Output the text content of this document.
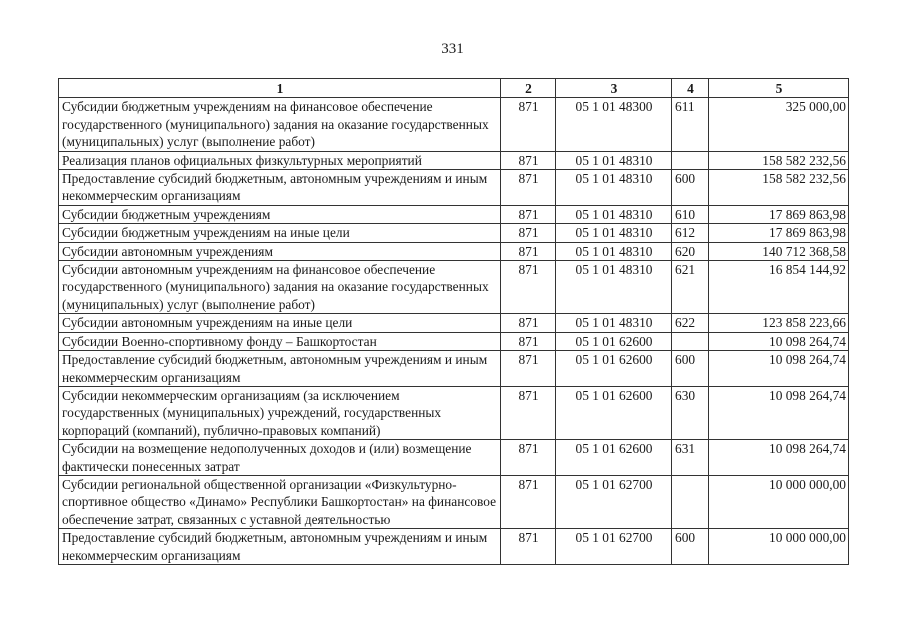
331
1	2	3	4	5
Субсидии бюджетным учреждениям на финансовое обеспечение государственного (муниципального) задания на оказание государственных (муниципальных) услуг (выполнение работ)	871	05 1 01 48300	611	325 000,00
Реализация планов официальных физкультурных мероприятий	871	05 1 01 48310		158 582 232,56
Предоставление субсидий бюджетным, автономным учреждениям и иным некоммерческим организациям	871	05 1 01 48310	600	158 582 232,56
Субсидии бюджетным учреждениям	871	05 1 01 48310	610	17 869 863,98
Субсидии бюджетным учреждениям на иные цели	871	05 1 01 48310	612	17 869 863,98
Субсидии автономным учреждениям	871	05 1 01 48310	620	140 712 368,58
Субсидии автономным учреждениям на финансовое обеспечение государственного (муниципального) задания на оказание государственных (муниципальных) услуг (выполнение работ)	871	05 1 01 48310	621	16 854 144,92
Субсидии автономным учреждениям на иные цели	871	05 1 01 48310	622	123 858 223,66
Субсидии Военно-спортивному фонду – Башкортостан	871	05 1 01 62600		10 098 264,74
Предоставление субсидий бюджетным, автономным учреждениям и иным некоммерческим организациям	871	05 1 01 62600	600	10 098 264,74
Субсидии некоммерческим организациям (за исключением государственных (муниципальных) учреждений, государственных корпораций (компаний), публично-правовых компаний)	871	05 1 01 62600	630	10 098 264,74
Субсидии на возмещение недополученных доходов и (или) возмещение фактически понесенных затрат	871	05 1 01 62600	631	10 098 264,74
Субсидии региональной общественной организации «Физкультурно-спортивное общество «Динамо» Республики Башкортостан» на финансовое обеспечение затрат, связанных с уставной деятельностью	871	05 1 01 62700		10 000 000,00
Предоставление субсидий бюджетным, автономным учреждениям и иным некоммерческим организациям	871	05 1 01 62700	600	10 000 000,00
